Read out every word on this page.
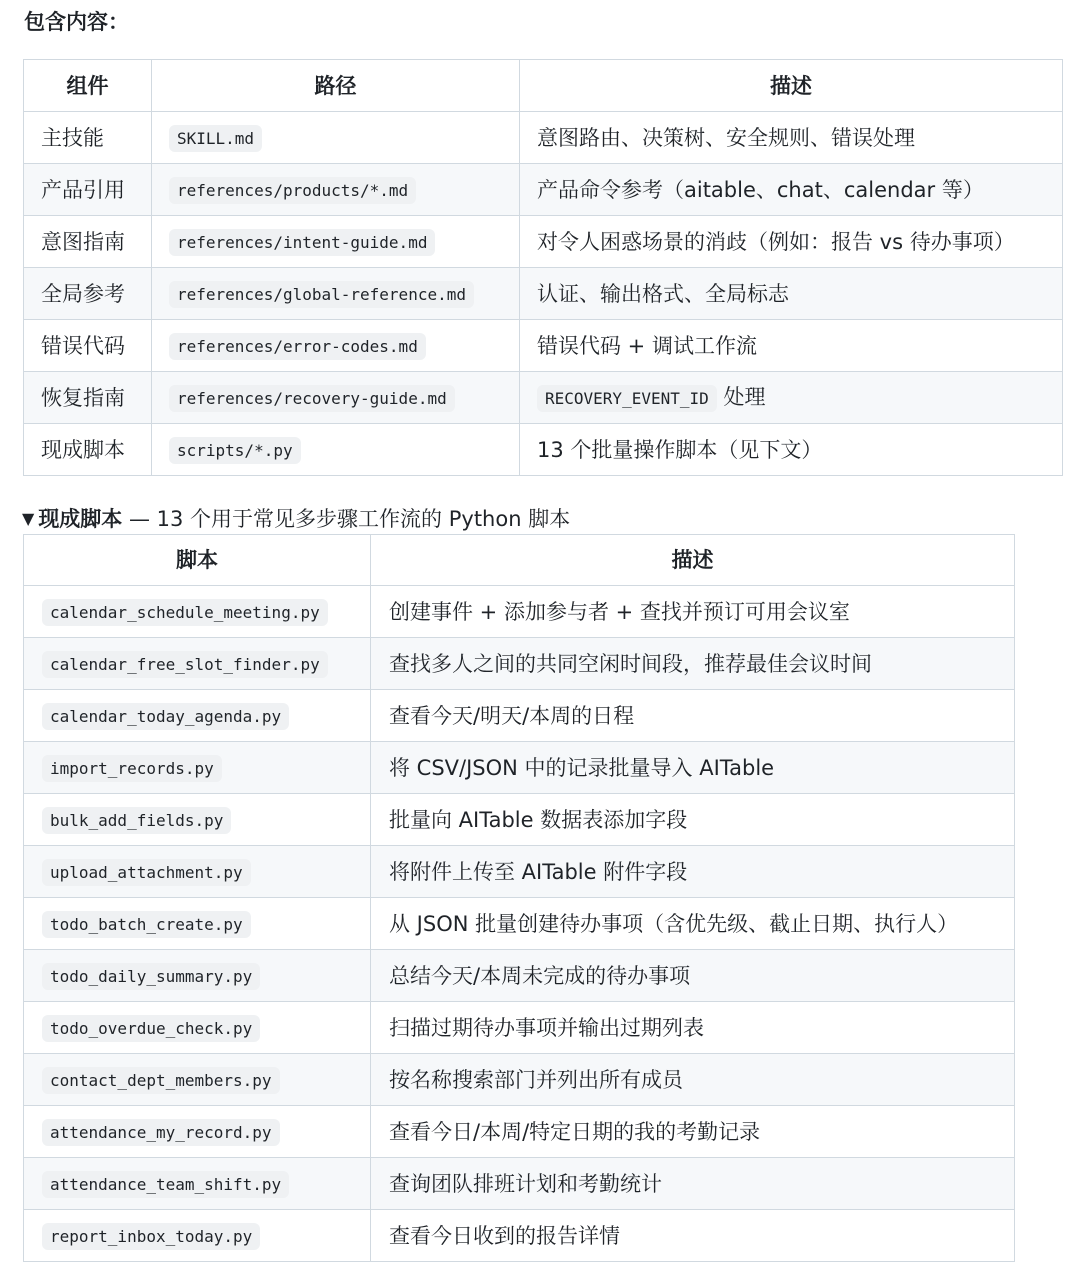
包含内容：
组件	路径	描述
主技能	SKILL.md	意图路由、决策树、安全规则、错误处理
产品引用	references/products/*.md	产品命令参考（aitable、chat、calendar 等）
意图指南	references/intent-guide.md	对令人困惑场景的消歧（例如：报告 vs 待办事项）
全局参考	references/global-reference.md	认证、输出格式、全局标志
错误代码	references/error-codes.md	错误代码 + 调试工作流
恢复指南	references/recovery-guide.md	RECOVERY_EVENT_ID 处理
现成脚本	scripts/*.py	13 个批量操作脚本（见下文）
▼ 现成脚本 — 13 个用于常见多步骤工作流的 Python 脚本
脚本	描述
calendar_schedule_meeting.py	创建事件 + 添加参与者 + 查找并预订可用会议室
calendar_free_slot_finder.py	查找多人之间的共同空闲时间段，推荐最佳会议时间
calendar_today_agenda.py	查看今天/明天/本周的日程
import_records.py	将 CSV/JSON 中的记录批量导入 AITable
bulk_add_fields.py	批量向 AITable 数据表添加字段
upload_attachment.py	将附件上传至 AITable 附件字段
todo_batch_create.py	从 JSON 批量创建待办事项（含优先级、截止日期、执行人）
todo_daily_summary.py	总结今天/本周未完成的待办事项
todo_overdue_check.py	扫描过期待办事项并输出过期列表
contact_dept_members.py	按名称搜索部门并列出所有成员
attendance_my_record.py	查看今日/本周/特定日期的我的考勤记录
attendance_team_shift.py	查询团队排班计划和考勤统计
report_inbox_today.py	查看今日收到的报告详情
